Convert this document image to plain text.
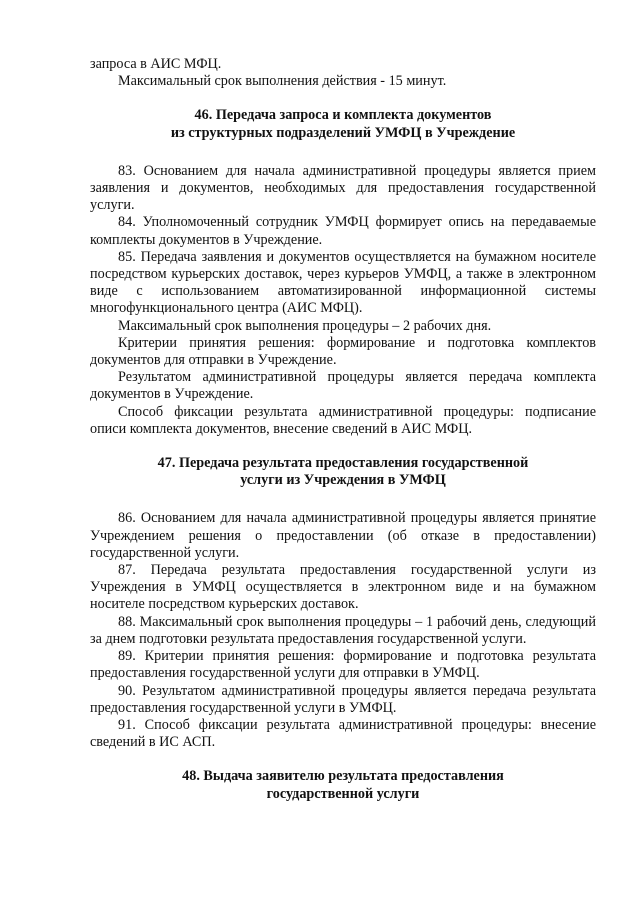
запроса в АИС МФЦ.

Максимальный срок выполнения действия - 15 минут.

46. Передача запроса и комплекта документов
из структурных подразделений УМФЦ в Учреждение

83. Основанием для начала административной процедуры является прием заявления и документов, необходимых для предоставления государственной услуги.

84. Уполномоченный сотрудник УМФЦ формирует опись на передаваемые комплекты документов в Учреждение.

85. Передача заявления и документов осуществляется на бумажном носителе посредством курьерских доставок, через курьеров УМФЦ, а также в электронном виде с использованием автоматизированной информационной системы многофункционального центра (АИС МФЦ).

Максимальный срок выполнения процедуры – 2 рабочих дня.

Критерии принятия решения: формирование и подготовка комплектов документов для отправки в Учреждение.

Результатом административной процедуры является передача комплекта документов в Учреждение.

Способ фиксации результата административной процедуры: подписание описи комплекта документов, внесение сведений в АИС МФЦ.

47. Передача результата предоставления государственной
услуги из Учреждения в УМФЦ

86. Основанием для начала административной процедуры является принятие Учреждением решения о предоставлении (об отказе в предоставлении) государственной услуги.

87. Передача результата предоставления государственной услуги из Учреждения в УМФЦ осуществляется в электронном виде и на бумажном носителе посредством курьерских доставок.

88. Максимальный срок выполнения процедуры – 1 рабочий день, следующий за днем подготовки результата предоставления государственной услуги.

89. Критерии принятия решения: формирование и подготовка результата предоставления государственной услуги для отправки в УМФЦ.

90. Результатом административной процедуры является передача результата предоставления государственной услуги в УМФЦ.

91. Способ фиксации результата административной процедуры: внесение сведений в ИС АСП.

48. Выдача заявителю результата предоставления
государственной услуги
